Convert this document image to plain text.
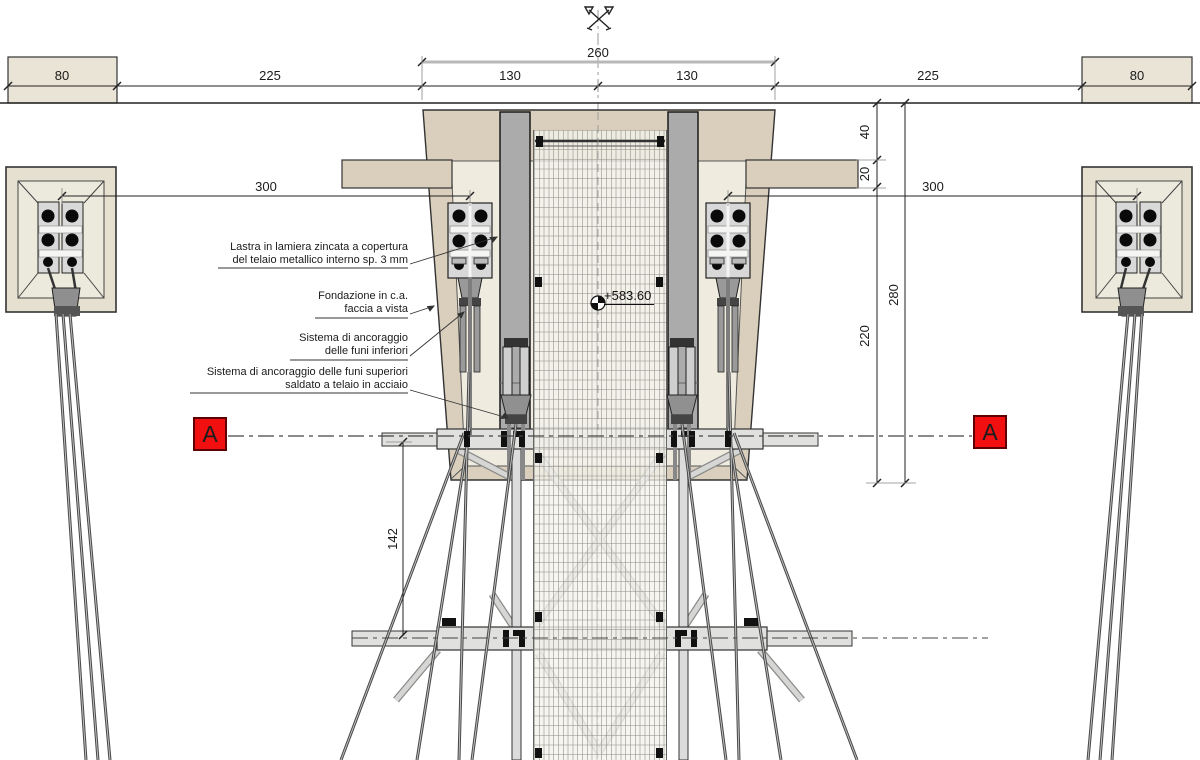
260
130	130
80	225	225	80
300	300
40
20
220
280
142
Lastra in lamiera zincata a copertura
del telaio metallico interno sp. 3 mm
Fondazione in c.a.
faccia a vista
Sistema di ancoraggio
delle funi inferiori
Sistema di ancoraggio delle funi superiori
saldato a telaio in acciaio
+583.60
A	A
